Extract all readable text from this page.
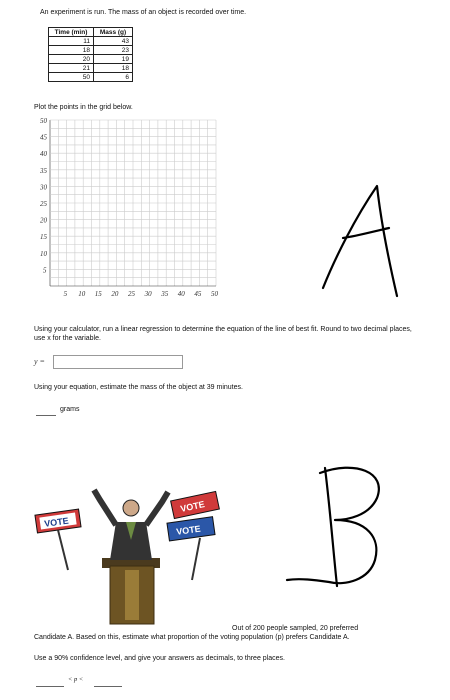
An experiment is run. The mass of an object is recorded over time.
Time (min)	Mass (g)
11	43
18	23
20	19
21	18
50	6
Plot the points in the grid below.
50
45
40
35
30
25
20
15
10
5
5 10 15 20 25 30 35 40 45 50
Using your calculator, run a linear regression to determine the equation of the line of best fit. Round to two decimal places, use x for the variable.
y =
Using your equation, estimate the mass of the object at 39 minutes.
grams
VOTE
VOTE
VOTE
Out of 200 people sampled, 20 preferred
Candidate A. Based on this, estimate what proportion of the voting population (p) prefers Candidate A.
Use a 90% confidence level, and give your answers as decimals, to three places.
< p <
